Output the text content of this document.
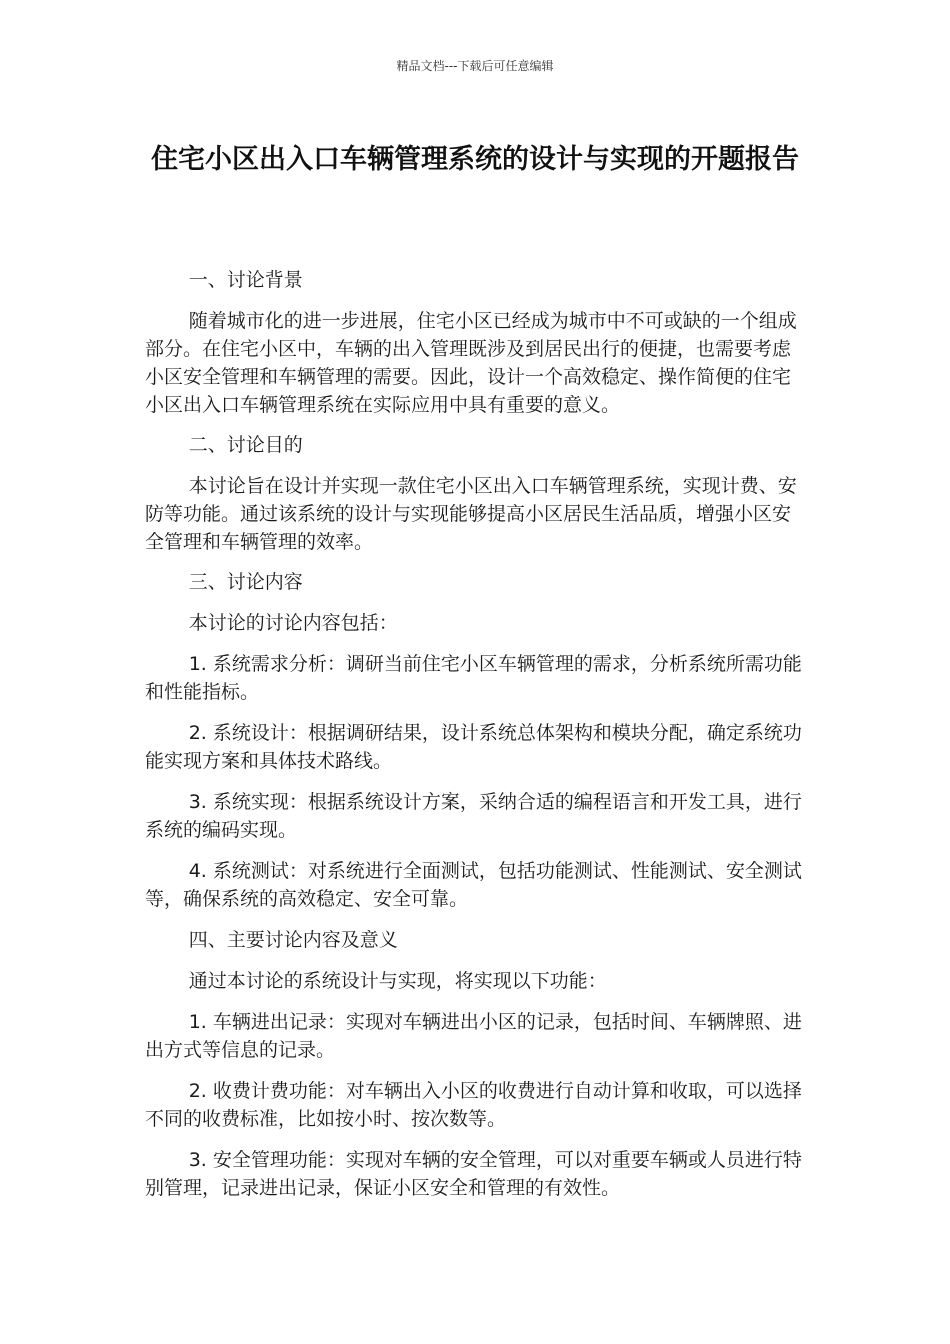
精品文档---下载后可任意编辑
住宅小区出入口车辆管理系统的设计与实现的开题报告

一、讨论背景

随着城市化的进一步进展，住宅小区已经成为城市中不可或缺的一个组成部分。在住宅小区中，车辆的出入管理既涉及到居民出行的便捷，也需要考虑小区安全管理和车辆管理的需要。因此，设计一个高效稳定、操作简便的住宅小区出入口车辆管理系统在实际应用中具有重要的意义。

二、讨论目的

本讨论旨在设计并实现一款住宅小区出入口车辆管理系统，实现计费、安防等功能。通过该系统的设计与实现能够提高小区居民生活品质，增强小区安全管理和车辆管理的效率。

三、讨论内容

本讨论的讨论内容包括：

1. 系统需求分析：调研当前住宅小区车辆管理的需求，分析系统所需功能和性能指标。

2. 系统设计：根据调研结果，设计系统总体架构和模块分配，确定系统功能实现方案和具体技术路线。

3. 系统实现：根据系统设计方案，采纳合适的编程语言和开发工具，进行系统的编码实现。

4. 系统测试：对系统进行全面测试，包括功能测试、性能测试、安全测试等，确保系统的高效稳定、安全可靠。

四、主要讨论内容及意义

通过本讨论的系统设计与实现，将实现以下功能：

1. 车辆进出记录：实现对车辆进出小区的记录，包括时间、车辆牌照、进出方式等信息的记录。

2. 收费计费功能：对车辆出入小区的收费进行自动计算和收取，可以选择不同的收费标准，比如按小时、按次数等。

3. 安全管理功能：实现对车辆的安全管理，可以对重要车辆或人员进行特别管理，记录进出记录，保证小区安全和管理的有效性。
